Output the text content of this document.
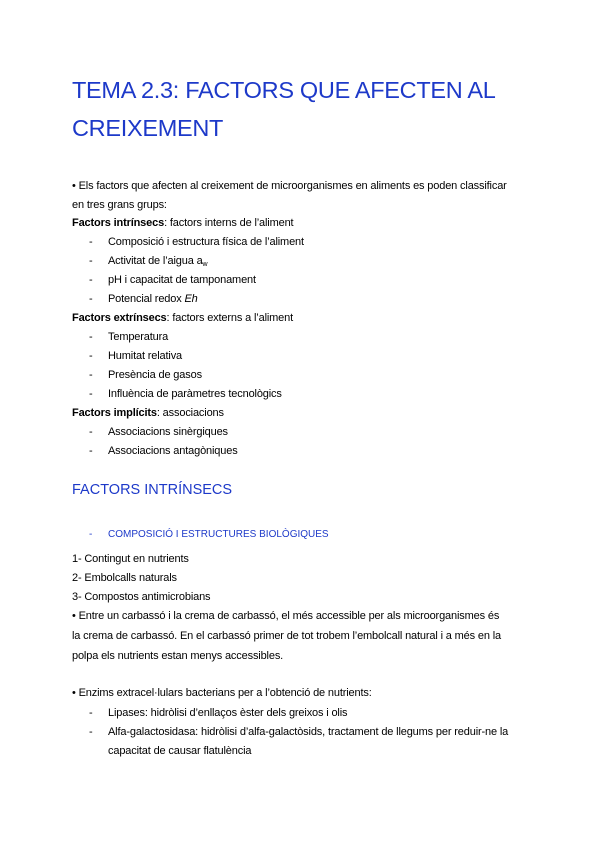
TEMA 2.3: FACTORS QUE AFECTEN AL
CREIXEMENT
• Els factors que afecten al creixement de microorganismes en aliments es poden classificar
en tres grans grups:
Factors intrínsecs: factors interns de l’aliment
- Composició i estructura física de l’aliment
- Activitat de l’aigua $a_w$
- pH i capacitat de tamponament
- Potencial redox Eh
Factors extrínsecs: factors externs a l’aliment
- Temperatura
- Humitat relativa
- Presència de gasos
- Influència de paràmetres tecnològics
Factors implícits: associacions
- Associacions sinèrgiques
- Associacions antagòniques
FACTORS INTRÍNSECS
- COMPOSICIÓ I ESTRUCTURES BIOLÒGIQUES
1- Contingut en nutrients
2- Embolcalls naturals
3- Compostos antimicrobians
• Entre un carbassó i la crema de carbassó, el més accessible per als microorganismes és
la crema de carbassó. En el carbassó primer de tot trobem l’embolcall natural i a més en la
polpa els nutrients estan menys accessibles.
• Enzims extracel·lulars bacterians per a l’obtenció de nutrients:
- Lipases: hidròlisi d’enllaços èster dels greixos i olis
- Alfa-galactosidasa: hidròlisi d’alfa-galactòsids, tractament de llegums per reduir-ne la
capacitat de causar flatulència
